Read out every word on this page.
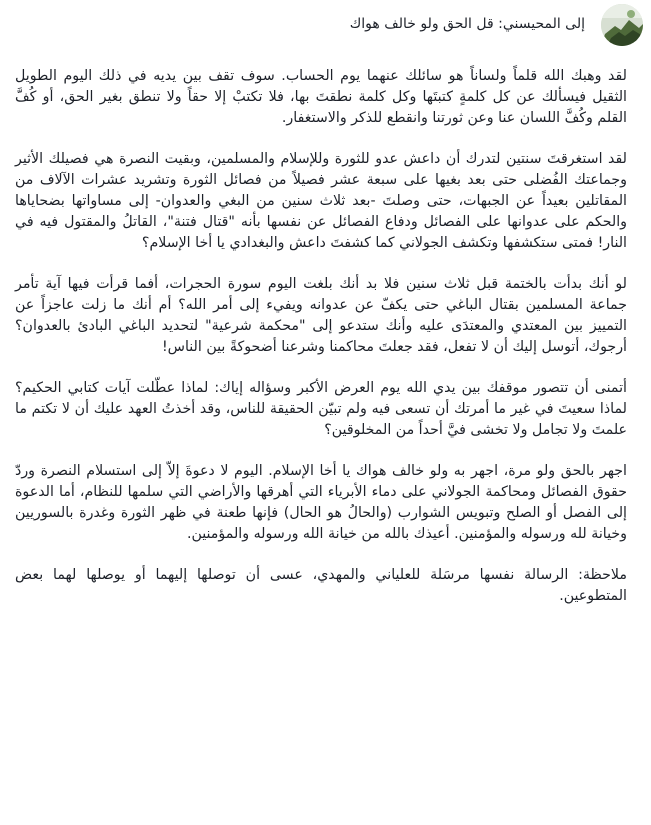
إلى المحيسني: قل الحق ولو خالف هواك

لقد وهبك الله قلماً ولساناً هو سائلك عنهما يوم الحساب. سوف تقف بين يديه في ذلك اليوم الطويل الثقيل فيسألك عن كل كلمةٍ كتبتَها وكل كلمة نطقتَ بها، فلا تكتبْ إلا حقاً ولا تنطق بغير الحق، أو كُفَّ القلم وكُفَّ اللسان عنا وعن ثورتنا وانقطع للذكر والاستغفار.

لقد استغرقتَ سنتين لتدرك أن داعش عدو للثورة وللإسلام والمسلمين، وبقيت النصرة هي فصيلك الأثير وجماعتك الفُضلى حتى بعد بغيها على سبعة عشر فصيلاً من فصائل الثورة وتشريد عشرات الآلاف من المقاتلين بعيداً عن الجبهات، حتى وصلتَ -بعد ثلاث سنين من البغي والعدوان- إلى مساواتها بضحاياها والحكم على عدوانها على الفصائل ودفاع الفصائل عن نفسها بأنه "قتال فتنة"، القاتلُ والمقتول فيه في النار! فمتى ستكشفها وتكشف الجولاني كما كشفتَ داعش والبغدادي يا أخا الإسلام؟

لو أنك بدأت بالختمة قبل ثلاث سنين فلا بد أنك بلغت اليوم سورة الحجرات، أفما قرأت فيها آية تأمر جماعة المسلمين بقتال الباغي حتى يكفّ عن عدوانه ويفيء إلى أمر الله؟ أم أنك ما زلت عاجزاً عن التمييز بين المعتدي والمعتدَى عليه وأنك ستدعو إلى "محكمة شرعية" لتحديد الباغي البادئ بالعدوان؟ أرجوك، أتوسل إليك أن لا تفعل، فقد جعلتَ محاكمنا وشرعنا أضحوكةً بين الناس!

أتمنى أن تتصور موقفك بين يدي الله يوم العرض الأكبر وسؤاله إياك: لماذا عطّلت آيات كتابي الحكيم؟ لماذا سعيتَ في غير ما أمرتك أن تسعى فيه ولم تبيّن الحقيقة للناس، وقد أخذتُ العهد عليك أن لا تكتم ما علمتَ ولا تجامل ولا تخشى فيَّ أحداً من المخلوقين؟

اجهر بالحق ولو مرة، اجهر به ولو خالف هواك يا أخا الإسلام. اليوم لا دعوةَ إلاّ إلى استسلام النصرة وردّ حقوق الفصائل ومحاكمة الجولاني على دماء الأبرياء التي أهرقها والأراضي التي سلمها للنظام، أما الدعوة إلى الفصل أو الصلح وتبويس الشوارب (والحالُ هو الحال) فإنها طعنة في ظهر الثورة وغدرة بالسوريين وخيانة لله ورسوله والمؤمنين. أعيذك بالله من خيانة الله ورسوله والمؤمنين.

ملاحظة: الرسالة نفسها مرسَلة للعلياني والمهدي، عسى أن توصلها إليهما أو يوصلها لهما بعض المتطوعين.
